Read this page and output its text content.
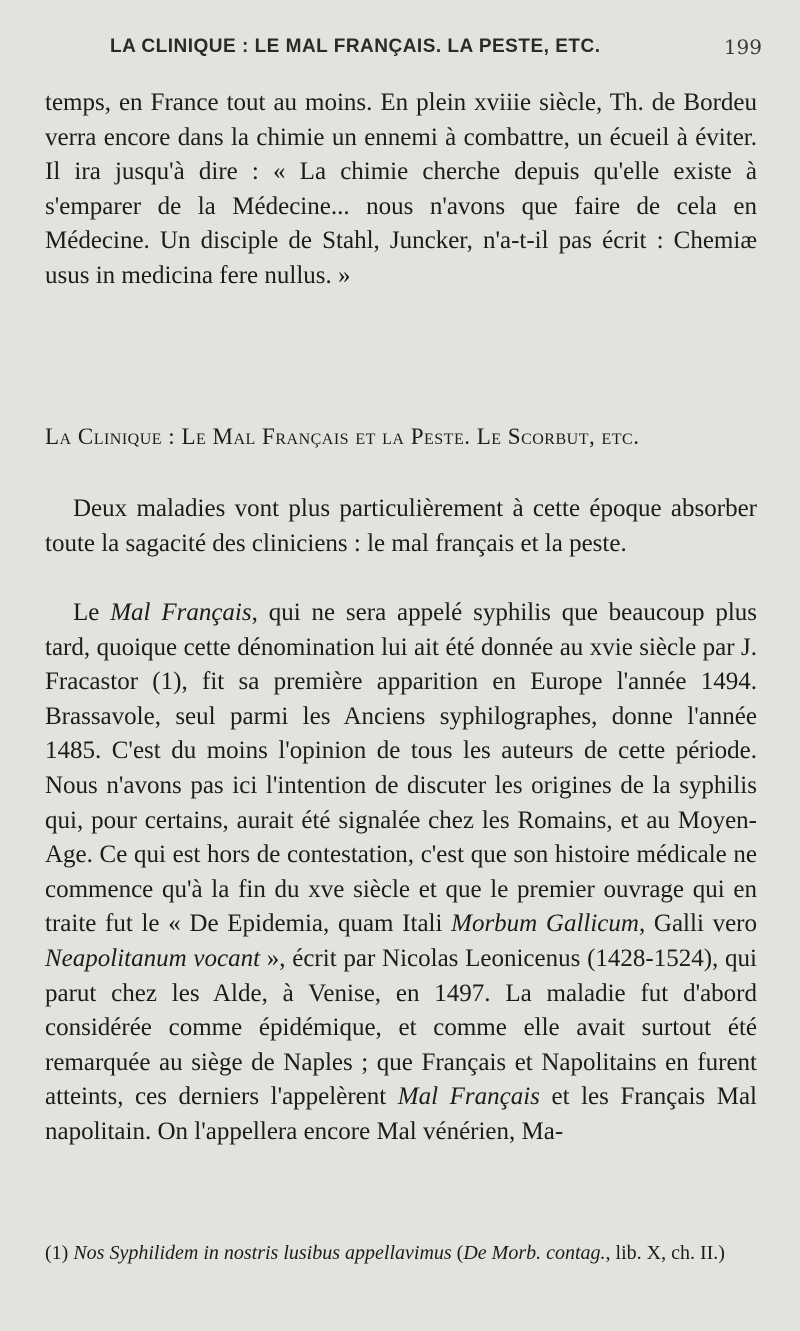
LA CLINIQUE : LE MAL FRANÇAIS. LA PESTE, ETC.	199

temps, en France tout au moins. En plein xviiie siècle, Th. de Bordeu verra encore dans la chimie un ennemi à combattre, un écueil à éviter. Il ira jusqu'à dire : « La chimie cherche depuis qu'elle existe à s'emparer de la Médecine... nous n'avons que faire de cela en Médecine. Un disciple de Stahl, Juncker, n'a-t-il pas écrit : Chemiæ usus in medicina fere nullus. »

La Clinique : Le Mal Français et la Peste. Le Scorbut, etc.

Deux maladies vont plus particulièrement à cette époque absorber toute la sagacité des cliniciens : le mal français et la peste.

Le Mal Français, qui ne sera appelé syphilis que beaucoup plus tard, quoique cette dénomination lui ait été donnée au xvie siècle par J. Fracastor (1), fit sa première apparition en Europe l'année 1494. Brassavole, seul parmi les Anciens syphilographes, donne l'année 1485. C'est du moins l'opinion de tous les auteurs de cette période. Nous n'avons pas ici l'intention de discuter les origines de la syphilis qui, pour certains, aurait été signalée chez les Romains, et au Moyen-Age. Ce qui est hors de contestation, c'est que son histoire médicale ne commence qu'à la fin du xve siècle et que le premier ouvrage qui en traite fut le « De Epidemia, quam Itali Morbum Gallicum, Galli vero Neapolitanum vocant », écrit par Nicolas Leonicenus (1428-1524), qui parut chez les Alde, à Venise, en 1497. La maladie fut d'abord considérée comme épidémique, et comme elle avait surtout été remarquée au siège de Naples ; que Français et Napolitains en furent atteints, ces derniers l'appelèrent Mal Français et les Français Mal napolitain. On l'appellera encore Mal vénérien, Ma-

(1) Nos Syphilidem in nostris lusibus appellavimus (De Morb. contag., lib. X, ch. II.)
